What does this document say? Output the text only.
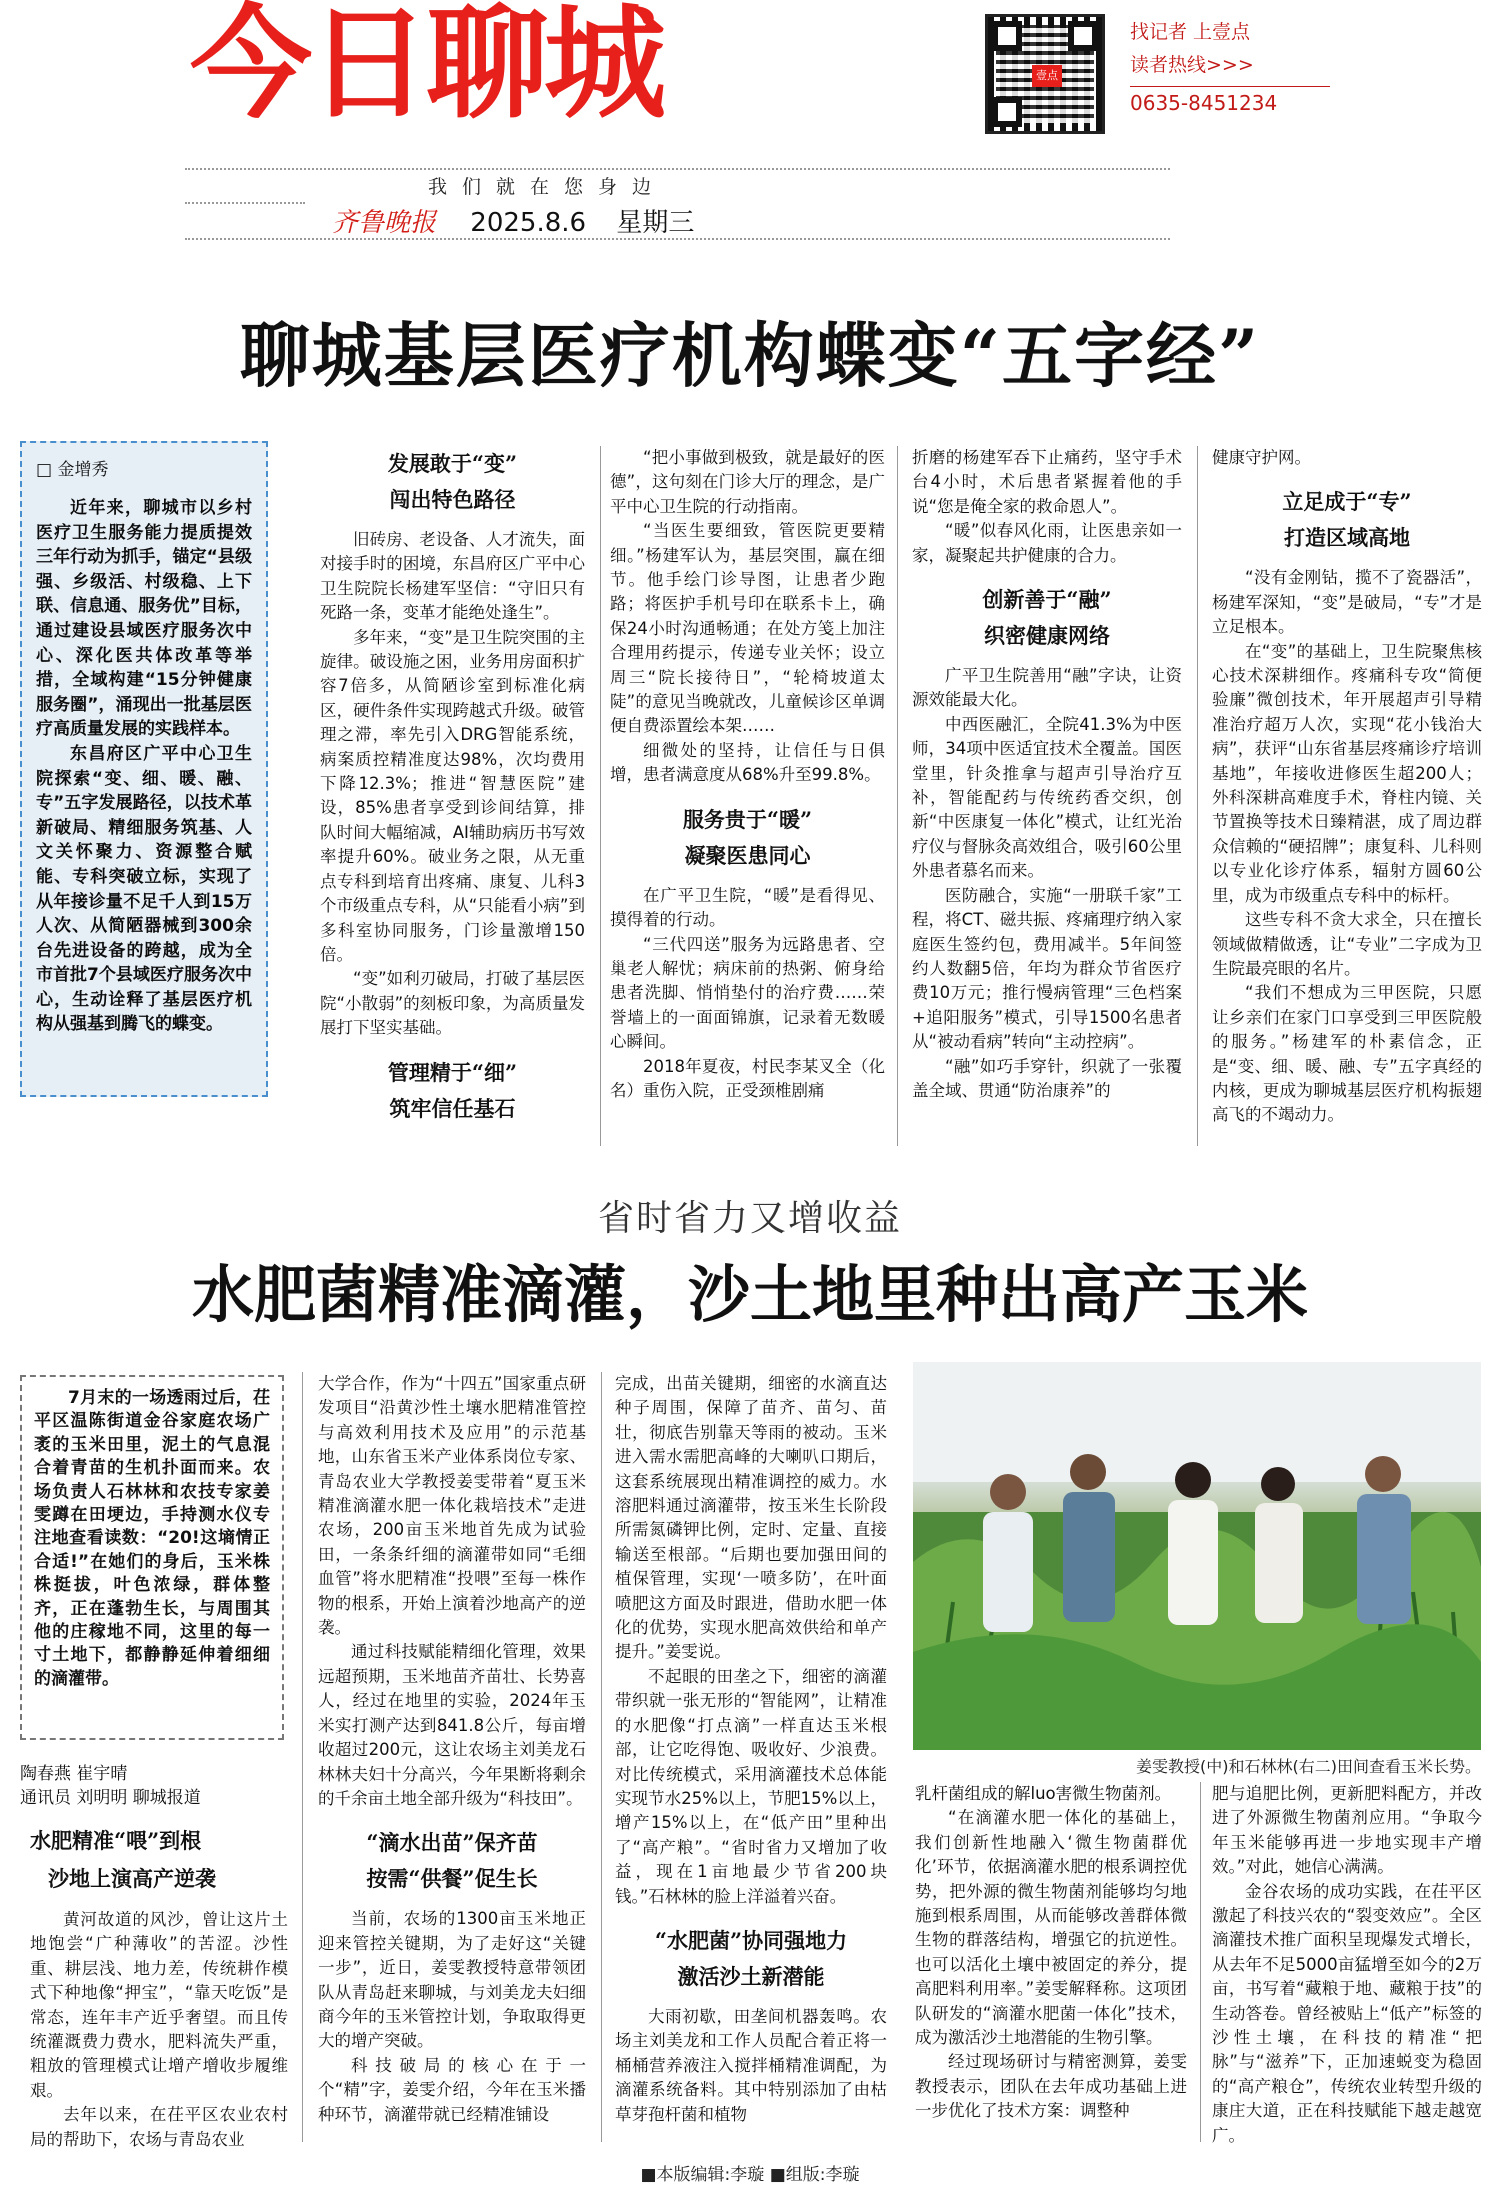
今日聊城	壹点
找记者 上壹点
读者热线>>>
0635-8451234
我们就在您身边
齐鲁晚报 2025.8.6 星期三
聊城基层医疗机构蝶变“五字经”
□ 金增秀

近年来，聊城市以乡村医疗卫生服务能力提质提效三年行动为抓手，锚定“县级强、乡级活、村级稳、上下联、信息通、服务优”目标，通过建设县域医疗服务次中心、深化医共体改革等举措，全域构建“15分钟健康服务圈”，涌现出一批基层医疗高质量发展的实践样本。

东昌府区广平中心卫生院探索“变、细、暖、融、专”五字发展路径，以技术革新破局、精细服务筑基、人文关怀聚力、资源整合赋能、专科突破立标，实现了从年接诊量不足千人到15万人次、从简陋器械到300余台先进设备的跨越，成为全市首批7个县域医疗服务次中心，生动诠释了基层医疗机构从强基到腾飞的蝶变。

发展敢于“变”
闯出特色路径

旧砖房、老设备、人才流失，面对接手时的困境，东昌府区广平中心卫生院院长杨建军坚信：“守旧只有死路一条，变革才能绝处逢生”。

多年来，“变”是卫生院突围的主旋律。破设施之困，业务用房面积扩容7倍多，从简陋诊室到标准化病区，硬件条件实现跨越式升级。破管理之滞，率先引入DRG智能系统，病案质控精准度达98%，次均费用下降12.3%；推进“智慧医院”建设，85%患者享受到诊间结算，排队时间大幅缩减，AI辅助病历书写效率提升60%。破业务之限，从无重点专科到培育出疼痛、康复、儿科3个市级重点专科，从“只能看小病”到多科室协同服务，门诊量激增150倍。

“变”如利刃破局，打破了基层医院“小散弱”的刻板印象，为高质量发展打下坚实基础。

管理精于“细”
筑牢信任基石

“把小事做到极致，就是最好的医德”，这句刻在门诊大厅的理念，是广平中心卫生院的行动指南。

“当医生要细致，管医院更要精细。”杨建军认为，基层突围，赢在细节。他手绘门诊导图，让患者少跑路；将医护手机号印在联系卡上，确保24小时沟通畅通；在处方笺上加注合理用药提示，传递专业关怀；设立周三“院长接待日”，“轮椅坡道太陡”的意见当晚就改，儿童候诊区单调便自费添置绘本架……

细微处的坚持，让信任与日俱增，患者满意度从68%升至99.8%。

服务贵于“暖”
凝聚医患同心

在广平卫生院，“暖”是看得见、摸得着的行动。

“三代四送”服务为远路患者、空巢老人解忧；病床前的热粥、俯身给患者洗脚、悄悄垫付的治疗费……荣誉墙上的一面面锦旗，记录着无数暖心瞬间。

2018年夏夜，村民李某叉全（化名）重伤入院，正受颈椎剧痛

折磨的杨建军吞下止痛药，坚守手术台4小时，术后患者紧握着他的手说“您是俺全家的救命恩人”。

“暖”似春风化雨，让医患亲如一家，凝聚起共护健康的合力。

创新善于“融”
织密健康网络

广平卫生院善用“融”字诀，让资源效能最大化。

中西医融汇，全院41.3%为中医师，34项中医适宜技术全覆盖。国医堂里，针灸推拿与超声引导治疗互补，智能配药与传统药香交织，创新“中医康复一体化”模式，让红光治疗仪与督脉灸高效组合，吸引60公里外患者慕名而来。

医防融合，实施“一册联千家”工程，将CT、磁共振、疼痛理疗纳入家庭医生签约包，费用减半。5年间签约人数翻5倍，年均为群众节省医疗费10万元；推行慢病管理“三色档案+追阳服务”模式，引导1500名患者从“被动看病”转向“主动控病”。

“融”如巧手穿针，织就了一张覆盖全域、贯通“防治康养”的

健康守护网。

立足成于“专”
打造区域高地

“没有金刚钻，揽不了瓷器活”，杨建军深知，“变”是破局，“专”才是立足根本。

在“变”的基础上，卫生院聚焦核心技术深耕细作。疼痛科专攻“简便验廉”微创技术，年开展超声引导精准治疗超万人次，实现“花小钱治大病”，获评“山东省基层疼痛诊疗培训基地”，年接收进修医生超200人；外科深耕高难度手术，脊柱内镜、关节置换等技术日臻精湛，成了周边群众信赖的“硬招牌”；康复科、儿科则以专业化诊疗体系，辐射方圆60公里，成为市级重点专科中的标杆。

这些专科不贪大求全，只在擅长领域做精做透，让“专业”二字成为卫生院最亮眼的名片。

“我们不想成为三甲医院，只愿让乡亲们在家门口享受到三甲医院般的服务。”杨建军的朴素信念，正是“变、细、暖、融、专”五字真经的内核，更成为聊城基层医疗机构振翅高飞的不竭动力。

省时省力又增收益
水肥菌精准滴灌，沙土地里种出高产玉米

7月末的一场透雨过后，茌平区温陈街道金谷家庭农场广袤的玉米田里，泥土的气息混合着青苗的生机扑面而来。农场负责人石林林和农技专家姜雯蹲在田埂边，手持测水仪专注地查看读数：“20!这墒情正合适!”在她们的身后，玉米株株挺拔，叶色浓绿，群体整齐，正在蓬勃生长，与周围其他的庄稼地不同，这里的每一寸土地下，都静静延伸着细细的滴灌带。

陶春燕 崔宇晴
通讯员 刘明明 聊城报道
水肥精准“喂”到根
沙地上演高产逆袭

黄河故道的风沙，曾让这片土地饱尝“广种薄收”的苦涩。沙性重、耕层浅、地力差，传统耕作模式下种地像“押宝”，“靠天吃饭”是常态，连年丰产近乎奢望。而且传统灌溉费力费水，肥料流失严重，粗放的管理模式让增产增收步履维艰。

去年以来，在茌平区农业农村局的帮助下，农场与青岛农业

大学合作，作为“十四五”国家重点研发项目“沿黄沙性土壤水肥精准管控与高效利用技术及应用”的示范基地，山东省玉米产业体系岗位专家、青岛农业大学教授姜雯带着“夏玉米精准滴灌水肥一体化栽培技术”走进农场，200亩玉米地首先成为试验田，一条条纤细的滴灌带如同“毛细血管”将水肥精准“投喂”至每一株作物的根系，开始上演着沙地高产的逆袭。

通过科技赋能精细化管理，效果远超预期，玉米地苗齐苗壮、长势喜人，经过在地里的实验，2024年玉米实打测产达到841.8公斤，每亩增收超过200元，这让农场主刘美龙石林林夫妇十分高兴，今年果断将剩余的千余亩土地全部升级为“科技田”。

“滴水出苗”保齐苗
按需“供餐”促生长

当前，农场的1300亩玉米地正迎来管控关键期，为了走好这“关键一步”，近日，姜雯教授特意带领团队从青岛赶来聊城，与刘美龙夫妇细商今年的玉米管控计划，争取取得更大的增产突破。

科技破局的核心在于一个“精”字，姜雯介绍，今年在玉米播种环节，滴灌带就已经精准铺设

完成，出苗关键期，细密的水滴直达种子周围，保障了苗齐、苗匀、苗壮，彻底告别靠天等雨的被动。玉米进入需水需肥高峰的大喇叭口期后，这套系统展现出精准调控的威力。水溶肥料通过滴灌带，按玉米生长阶段所需氮磷钾比例，定时、定量、直接输送至根部。“后期也要加强田间的植保管理，实现‘一喷多防’，在叶面喷肥这方面及时跟进，借助水肥一体化的优势，实现水肥高效供给和单产提升。”姜雯说。

不起眼的田垄之下，细密的滴灌带织就一张无形的“智能网”，让精准的水肥像“打点滴”一样直达玉米根部，让它吃得饱、吸收好、少浪费。对比传统模式，采用滴灌技术总体能实现节水25%以上，节肥15%以上，增产15%以上，在“低产田”里种出了“高产粮”。“省时省力又增加了收益，现在1亩地最少节省200块钱。”石林林的脸上洋溢着兴奋。

“水肥菌”协同强地力
激活沙土新潜能

大雨初歇，田垄间机器轰鸣。农场主刘美龙和工作人员配合着正将一桶桶营养液注入搅拌桶精准调配，为滴灌系统备料。其中特别添加了由枯草芽孢杆菌和植物

姜雯教授(中)和石林林(右二)田间查看玉米长势。

乳杆菌组成的解luo害微生物菌剂。

“在滴灌水肥一体化的基础上，我们创新性地融入‘微生物菌群优化’环节，依据滴灌水肥的根系调控优势，把外源的微生物菌剂能够均匀地施到根系周围，从而能够改善群体微生物的群落结构，增强它的抗逆性。也可以活化土壤中被固定的养分，提高肥料利用率。”姜雯解释称。这项团队研发的“滴灌水肥菌一体化”技术，成为激活沙土地潜能的生物引擎。

经过现场研讨与精密测算，姜雯教授表示，团队在去年成功基础上进一步优化了技术方案：调整种

肥与追肥比例，更新肥料配方，并改进了外源微生物菌剂应用。“争取今年玉米能够再进一步地实现丰产增效。”对此，她信心满满。

金谷农场的成功实践，在茌平区激起了科技兴农的“裂变效应”。全区滴灌技术推广面积呈现爆发式增长，从去年不足5000亩猛增至如今的2万亩，书写着“藏粮于地、藏粮于技”的生动答卷。曾经被贴上“低产”标签的沙性土壤，在科技的精准“把脉”与“滋养”下，正加速蜕变为稳固的“高产粮仓”，传统农业转型升级的康庄大道，正在科技赋能下越走越宽广。

■本版编辑:李璇 ■组版:李璇
